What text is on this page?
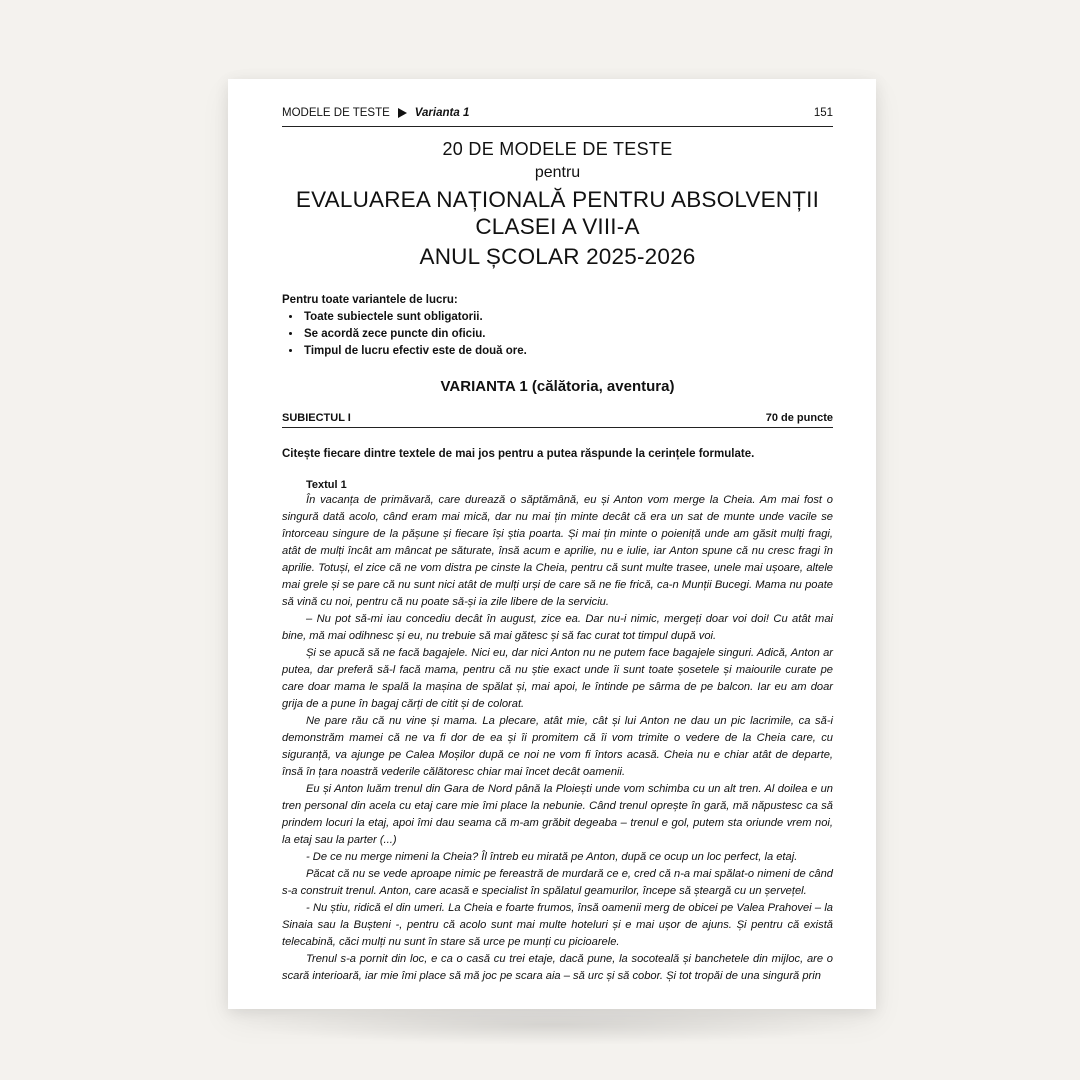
MODELE DE TESTE Varianta 1	151
20 DE MODELE DE TESTE
pentru
EVALUAREA NAȚIONALĂ PENTRU ABSOLVENȚII CLASEI A VIII-A
ANUL ȘCOLAR 2025-2026
Pentru toate variantele de lucru:
• Toate subiectele sunt obligatorii.
• Se acordă zece puncte din oficiu.
• Timpul de lucru efectiv este de două ore.
VARIANTA 1 (călătoria, aventura)
SUBIECTUL I	70 de puncte
Citește fiecare dintre textele de mai jos pentru a putea răspunde la cerințele formulate.
Textul 1

În vacanța de primăvară, care durează o săptămână, eu și Anton vom merge la Cheia. Am mai fost o singură dată acolo, când eram mai mică, dar nu mai țin minte decât că era un sat de munte unde vacile se întorceau singure de la pășune și fiecare își știa poarta. Și mai țin minte o poieniță unde am găsit mulți fragi, atât de mulți încât am mâncat pe săturate, însă acum e aprilie, nu e iulie, iar Anton spune că nu cresc fragi în aprilie. Totuși, el zice că ne vom distra pe cinste la Cheia, pentru că sunt multe trasee, unele mai ușoare, altele mai grele și se pare că nu sunt nici atât de mulți urși de care să ne fie frică, ca-n Munții Bucegi. Mama nu poate să vină cu noi, pentru că nu poate să-și ia zile libere de la serviciu.

– Nu pot să-mi iau concediu decât în august, zice ea. Dar nu-i nimic, mergeți doar voi doi! Cu atât mai bine, mă mai odihnesc și eu, nu trebuie să mai gătesc și să fac curat tot timpul după voi.

Și se apucă să ne facă bagajele. Nici eu, dar nici Anton nu ne putem face bagajele singuri. Adică, Anton ar putea, dar preferă să-l facă mama, pentru că nu știe exact unde îi sunt toate șosetele și maiourile curate pe care doar mama le spală la mașina de spălat și, mai apoi, le întinde pe sârma de pe balcon. Iar eu am doar grija de a pune în bagaj cărți de citit și de colorat.

Ne pare rău că nu vine și mama. La plecare, atât mie, cât și lui Anton ne dau un pic lacrimile, ca să-i demonstrăm mamei că ne va fi dor de ea și îi promitem că îi vom trimite o vedere de la Cheia care, cu siguranță, va ajunge pe Calea Moșilor după ce noi ne vom fi întors acasă. Cheia nu e chiar atât de departe, însă în țara noastră vederile călătoresc chiar mai încet decât oamenii.

Eu și Anton luăm trenul din Gara de Nord până la Ploiești unde vom schimba cu un alt tren. Al doilea e un tren personal din acela cu etaj care mie îmi place la nebunie. Când trenul oprește în gară, mă năpustesc ca să prindem locuri la etaj, apoi îmi dau seama că m-am grăbit degeaba – trenul e gol, putem sta oriunde vrem noi, la etaj sau la parter (...)

- De ce nu merge nimeni la Cheia? Îl întreb eu mirată pe Anton, după ce ocup un loc perfect, la etaj.

Păcat că nu se vede aproape nimic pe fereastră de murdară ce e, cred că n-a mai spălat-o nimeni de când s-a construit trenul. Anton, care acasă e specialist în spălatul geamurilor, începe să șteargă cu un șervețel.

- Nu știu, ridică el din umeri. La Cheia e foarte frumos, însă oamenii merg de obicei pe Valea Prahovei – la Sinaia sau la Bușteni -, pentru că acolo sunt mai multe hoteluri și e mai ușor de ajuns. Și pentru că există telecabină, căci mulți nu sunt în stare să urce pe munți cu picioarele.

Trenul s-a pornit din loc, e ca o casă cu trei etaje, dacă pune, la socoteală și banchetele din mijloc, are o scară interioară, iar mie îmi place să mă joc pe scara aia – să urc și să cobor. Și tot tropăi de una singură prin
